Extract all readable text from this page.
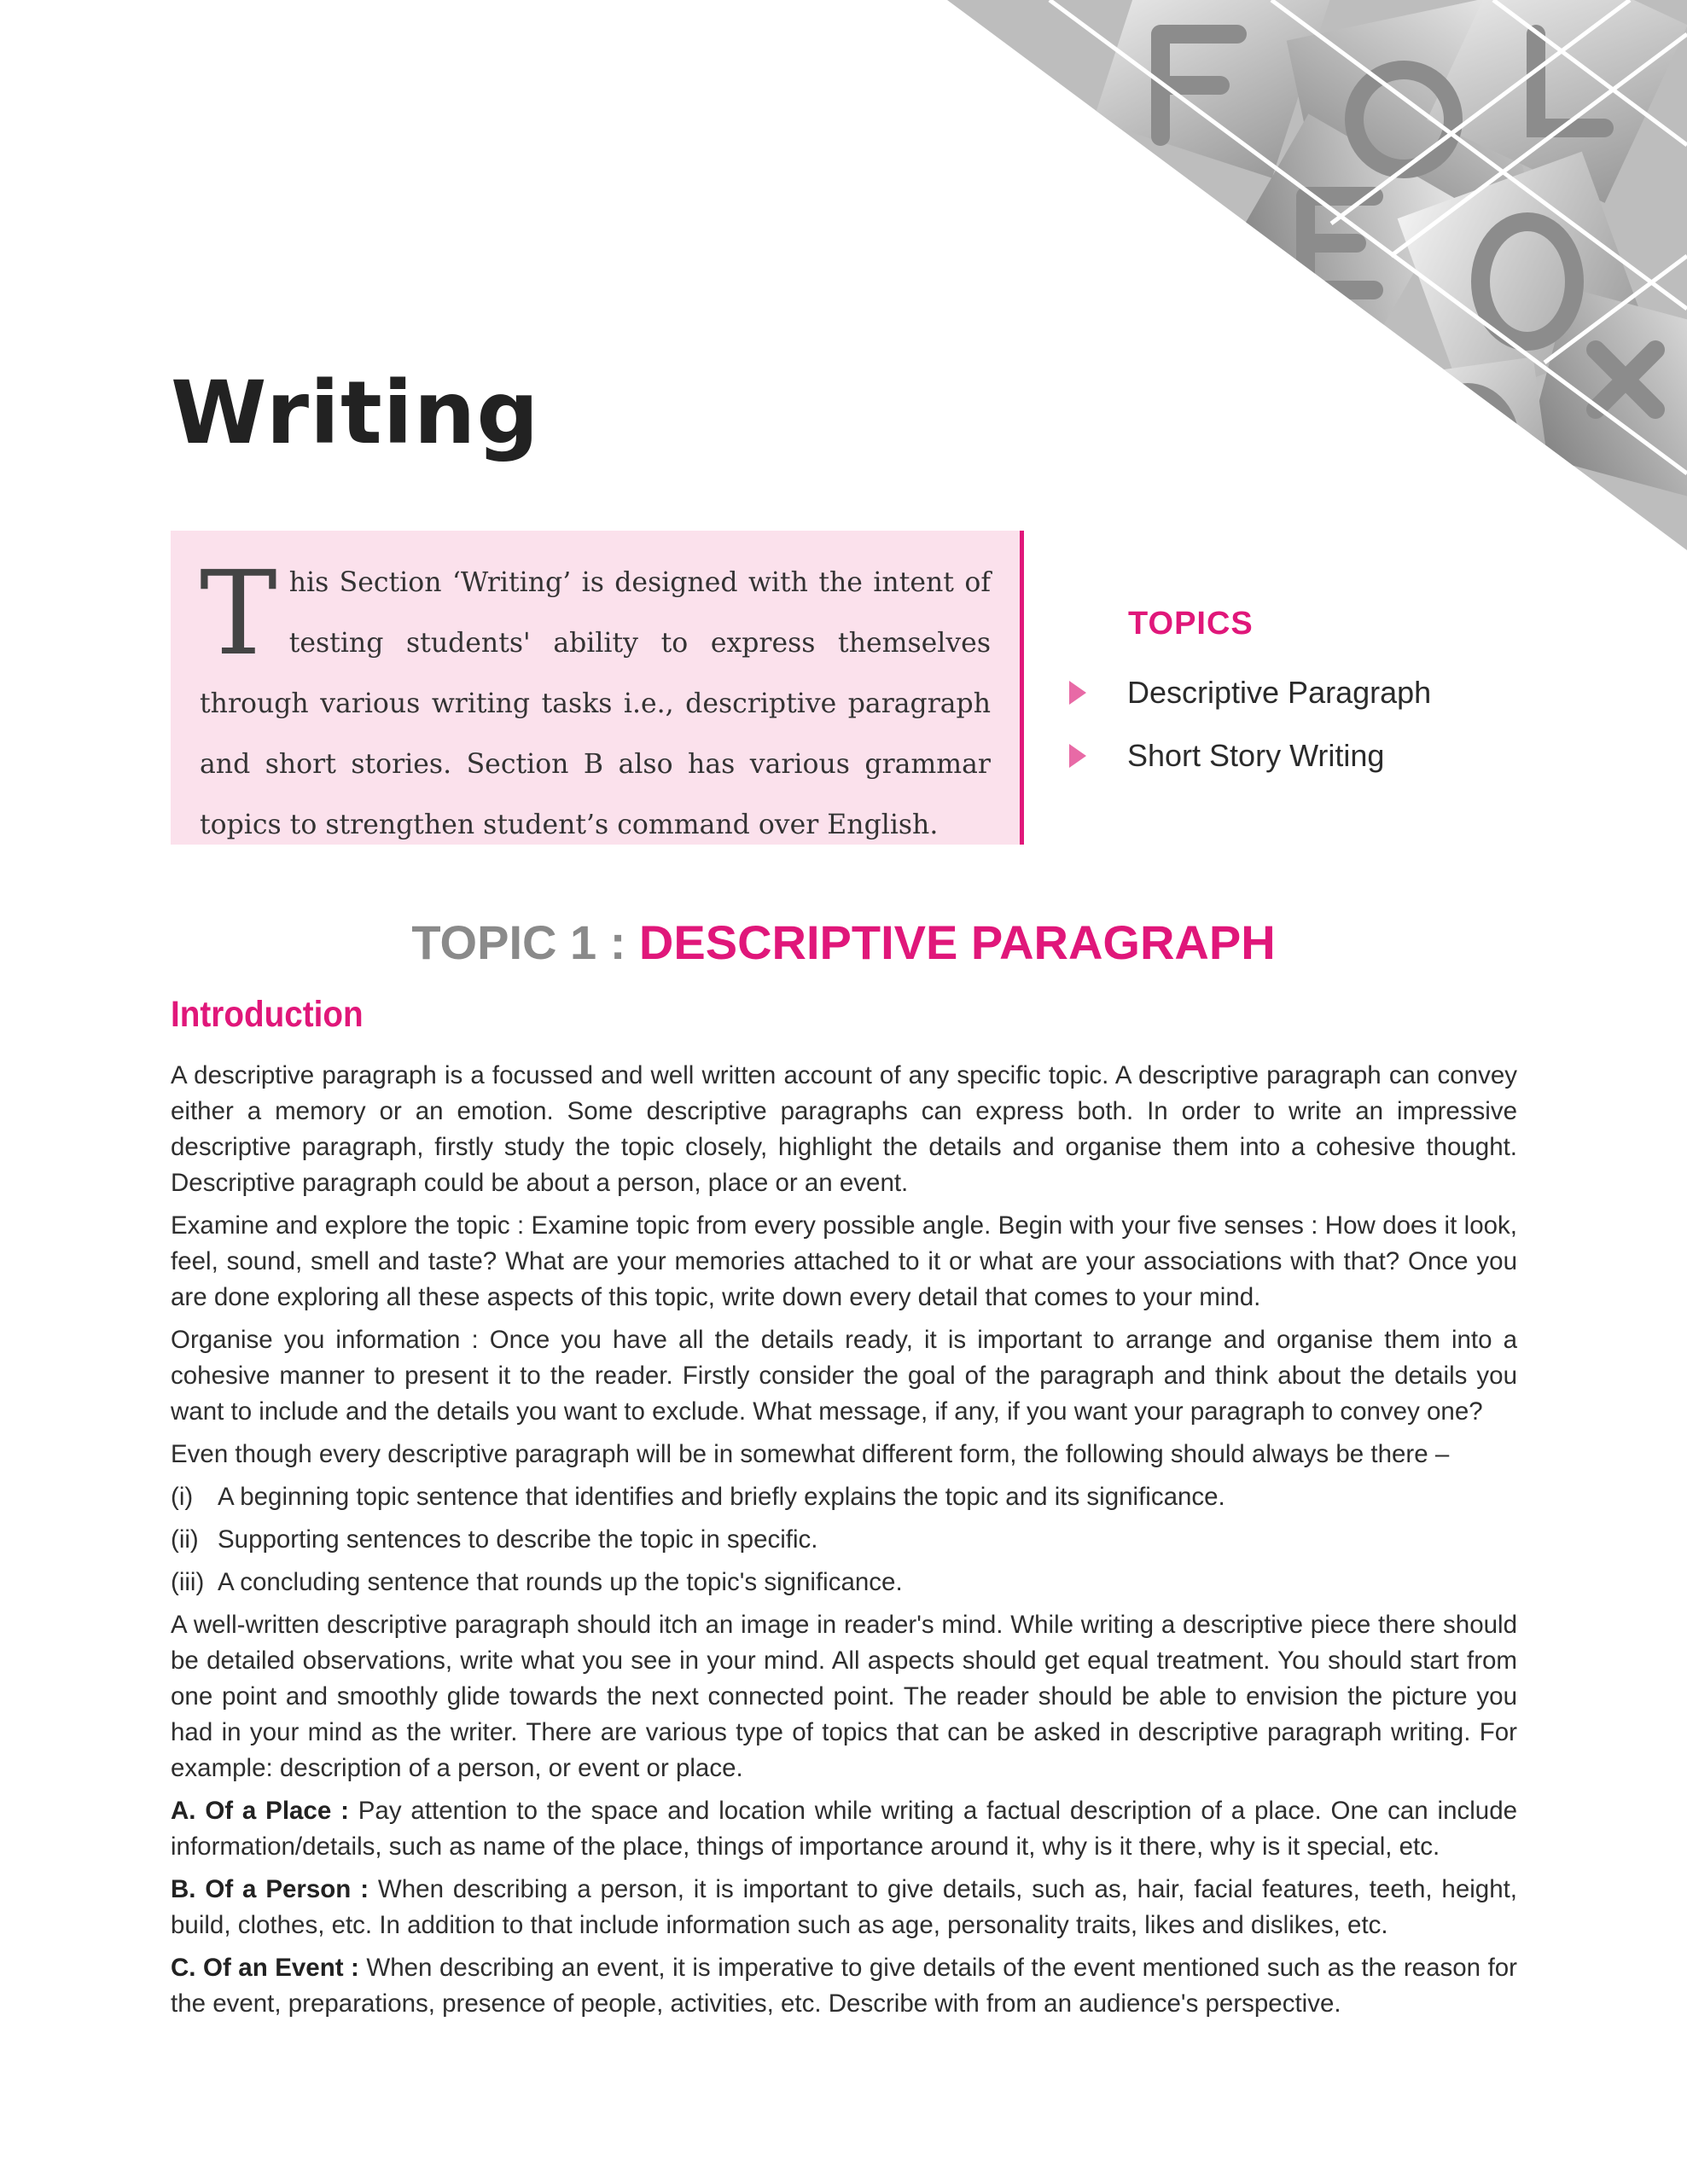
Writing

This Section ‘Writing’ is designed with the intent of testing students' ability to express themselves through various writing tasks i.e., descriptive paragraph and short stories. Section B also has various grammar topics to strengthen student’s command over English.

TOPICS
Descriptive Paragraph
Short Story Writing
TOPIC 1 : DESCRIPTIVE PARAGRAPH
Introduction

A descriptive paragraph is a focussed and well written account of any specific topic. A descriptive paragraph can convey either a memory or an emotion. Some descriptive paragraphs can express both. In order to write an impressive descriptive paragraph, firstly study the topic closely, highlight the details and organise them into a cohesive thought. Descriptive paragraph could be about a person, place or an event.

Examine and explore the topic : Examine topic from every possible angle. Begin with your five senses : How does it look, feel, sound, smell and taste? What are your memories attached to it or what are your associations with that? Once you are done exploring all these aspects of this topic, write down every detail that comes to your mind.

Organise you information : Once you have all the details ready, it is important to arrange and organise them into a cohesive manner to present it to the reader. Firstly consider the goal of the paragraph and think about the details you want to include and the details you want to exclude. What message, if any, if you want your paragraph to convey one?

Even though every descriptive paragraph will be in somewhat different form, the following should always be there –

(i) A beginning topic sentence that identifies and briefly explains the topic and its significance.

(ii) Supporting sentences to describe the topic in specific.

(iii) A concluding sentence that rounds up the topic's significance.

A well-written descriptive paragraph should itch an image in reader's mind. While writing a descriptive piece there should be detailed observations, write what you see in your mind. All aspects should get equal treatment. You should start from one point and smoothly glide towards the next connected point. The reader should be able to envision the picture you had in your mind as the writer. There are various type of topics that can be asked in descriptive paragraph writing. For example: description of a person, or event or place.

A. Of a Place : Pay attention to the space and location while writing a factual description of a place. One can include information/details, such as name of the place, things of importance around it, why is it there, why is it special, etc.

B. Of a Person : When describing a person, it is important to give details, such as, hair, facial features, teeth, height, build, clothes, etc. In addition to that include information such as age, personality traits, likes and dislikes, etc.

C. Of an Event : When describing an event, it is imperative to give details of the event mentioned such as the reason for the event, preparations, presence of people, activities, etc. Describe with from an audience's perspective.
